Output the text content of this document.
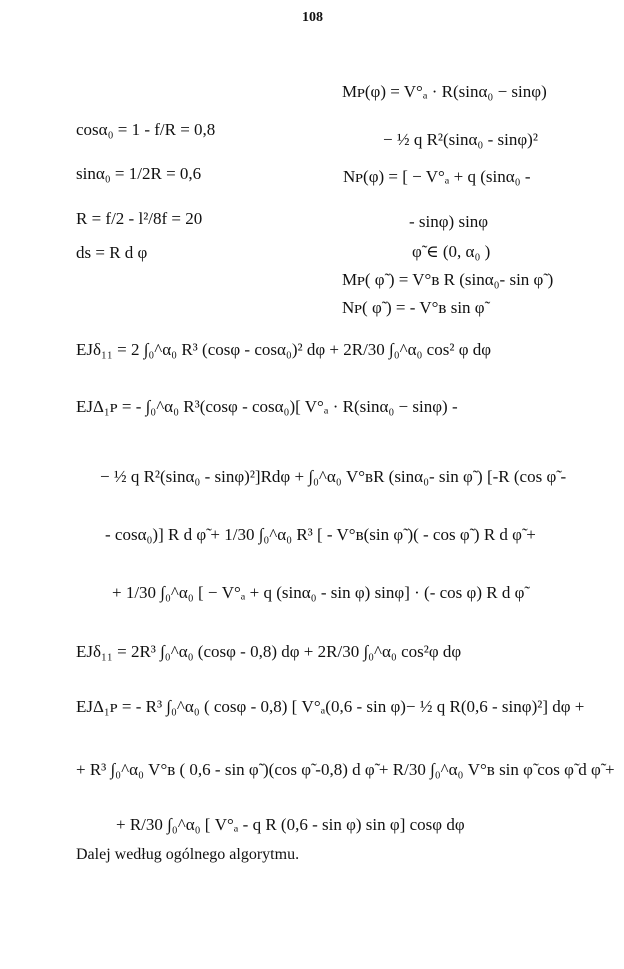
108
Mᴘ(φ) = V°ₐ · R(sinα₀ − sinφ)
− ½ q R²(sinα₀ - sinφ)²
Nᴘ(φ) = [ − V°ₐ + q (sinα₀ -
- sinφ) sinφ
φ̃ ∈ (0, α₀ )
Mᴘ( φ̃ ) = V°ʙ R (sinα₀- sin φ̃ )
Nᴘ( φ̃ ) = - V°ʙ sin φ̃
cosα₀ = 1 - f/R = 0,8
sinα₀ = 1/2R = 0,6
R = f/2 - l²/8f = 20
ds = R d φ
EJδ₁₁ = 2 ∫₀^α₀ R³ (cosφ - cosα₀)² dφ + 2R/30 ∫₀^α₀ cos² φ dφ
EJΔ₁ᴘ = - ∫₀^α₀ R³(cosφ - cosα₀)[ V°ₐ · R(sinα₀ − sinφ) -
− ½ q R²(sinα₀ - sinφ)²]Rdφ + ∫₀^α₀ V°ʙR (sinα₀- sin φ̃ ) [-R (cos φ̃ -
- cosα₀)] R d φ̃ + 1/30 ∫₀^α₀ R³ [ - V°ʙ(sin φ̃ )( - cos φ̃ ) R d φ̃ +
+ 1/30 ∫₀^α₀ [ − V°ₐ + q (sinα₀ - sin φ) sinφ] · (- cos φ) R d φ̃
EJδ₁₁ = 2R³ ∫₀^α₀ (cosφ - 0,8) dφ + 2R/30 ∫₀^α₀ cos²φ dφ
EJΔ₁ᴘ = - R³ ∫₀^α₀ ( cosφ - 0,8) [ V°ₐ(0,6 - sin φ)− ½ q R(0,6 - sinφ)²] dφ +
+ R³ ∫₀^α₀ V°ʙ ( 0,6 - sin φ̃ )(cos φ̃ -0,8) d φ̃ + R/30 ∫₀^α₀ V°ʙ sin φ̃ cos φ̃ d φ̃ +
+ R/30 ∫₀^α₀ [ V°ₐ - q R (0,6 - sin φ) sin φ] cosφ dφ
Dalej według ogólnego algorytmu.
